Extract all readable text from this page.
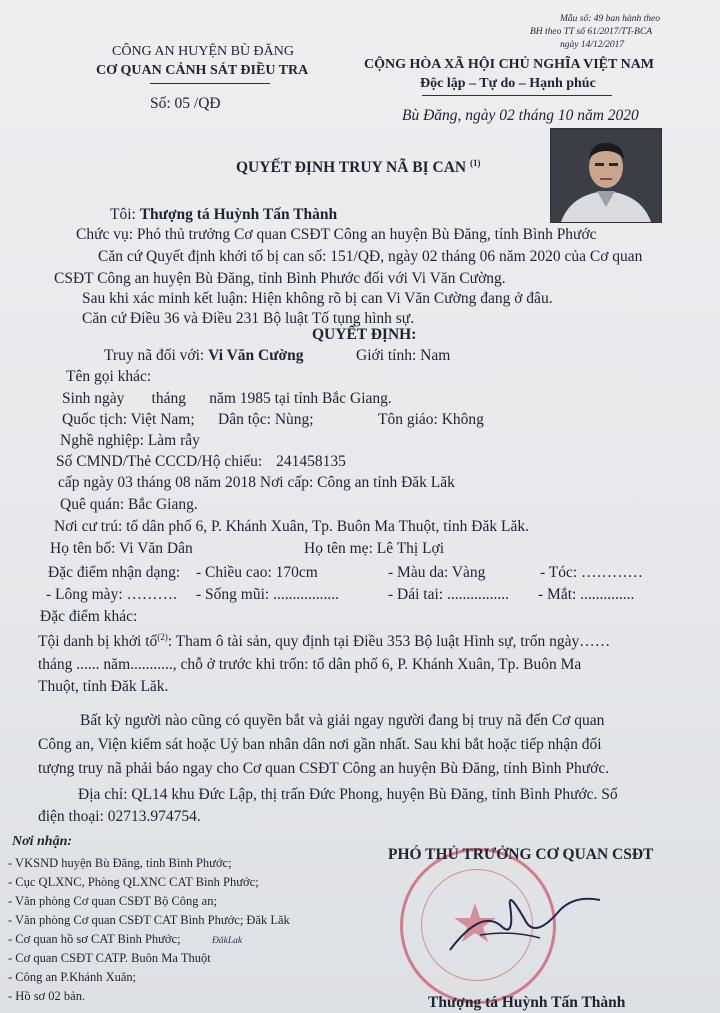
Mẫu số: 49 ban hành theo
BH theo TT số 61/2017/TT-BCA
ngày 14/12/2017
CÔNG AN HUYỆN BÙ ĐĂNG
CƠ QUAN CẢNH SÁT ĐIỀU TRA
Số: 05 /QĐ
CỘNG HÒA XÃ HỘI CHỦ NGHĨA VIỆT NAM
Độc lập – Tự do – Hạnh phúc
Bù Đăng, ngày 02 tháng 10 năm 2020
QUYẾT ĐỊNH TRUY NÃ BỊ CAN $^{(1)}$
Tôi: Thượng tá Huỳnh Tấn Thành
Chức vụ: Phó thủ trưởng Cơ quan CSĐT Công an huyện Bù Đăng, tỉnh Bình Phước
Căn cứ Quyết định khởi tố bị can số: 151/QĐ, ngày 02 tháng 06 năm 2020 của Cơ quan
CSĐT Công an huyện Bù Đăng, tỉnh Bình Phước đối với Vi Văn Cường.
Sau khi xác minh kết luận: Hiện không rõ bị can Vi Văn Cường đang ở đâu.
Căn cứ Điều 36 và Điều 231 Bộ luật Tố tụng hình sự.
QUYẾT ĐỊNH:
Truy nã đối với: Vi Văn Cường	Giới tính: Nam
Tên gọi khác:
Sinh ngày       tháng      năm 1985 tại tỉnh Bắc Giang.
Quốc tịch: Việt Nam; Dân tộc: Nùng;	Tôn giáo: Không
Nghề nghiệp: Làm rẫy
Số CMND/Thẻ CCCD/Hộ chiếu: 241458135
cấp ngày 03 tháng 08 năm 2018 Nơi cấp: Công an tỉnh Đăk Lăk
Quê quán: Bắc Giang.
Nơi cư trú: tổ dân phố 6, P. Khánh Xuân, Tp. Buôn Ma Thuột, tỉnh Đăk Lăk.
Họ tên bố: Vi Văn Dân	Họ tên mẹ: Lê Thị Lợi
Đặc điểm nhận dạng: - Chiều cao: 170cm	- Màu da: Vàng	- Tóc: …………
- Lông mày: ………. - Sống mũi: .................	- Dái tai: ................ - Mắt: ..............
Đặc điểm khác:
Tội danh bị khởi tố$^{(2)}$: Tham ô tài sản, quy định tại Điều 353 Bộ luật Hình sự, trốn ngày……
tháng ...... năm..........., chỗ ở trước khi trốn: tổ dân phố 6, P. Khánh Xuân, Tp. Buôn Ma
Thuột, tỉnh Đăk Lăk.
Bất kỳ người nào cũng có quyền bắt và giải ngay người đang bị truy nã đến Cơ quan
Công an, Viện kiểm sát hoặc Uỷ ban nhân dân nơi gần nhất. Sau khi bắt hoặc tiếp nhận đối
tượng truy nã phải báo ngay cho Cơ quan CSĐT Công an huyện Bù Đăng, tỉnh Bình Phước.
Địa chỉ: QL14 khu Đức Lập, thị trấn Đức Phong, huyện Bù Đăng, tỉnh Bình Phước. Số
điện thoại: 02713.974754.
Nơi nhận:
- VKSND huyện Bù Đăng, tỉnh Bình Phước;
- Cục QLXNC, Phòng QLXNC CAT Bình Phước;
- Văn phòng Cơ quan CSĐT Bộ Công an;
- Văn phòng Cơ quan CSĐT CAT Bình Phước; Đăk Lăk
- Cơ quan hồ sơ CAT Bình Phước;	ĐăkLak
- Cơ quan CSĐT CATP. Buôn Ma Thuột
- Công an P.Khánh Xuân;
- Hồ sơ 02 bản.
PHÓ THỦ TRƯỞNG CƠ QUAN CSĐT
Thượng tá Huỳnh Tấn Thành
